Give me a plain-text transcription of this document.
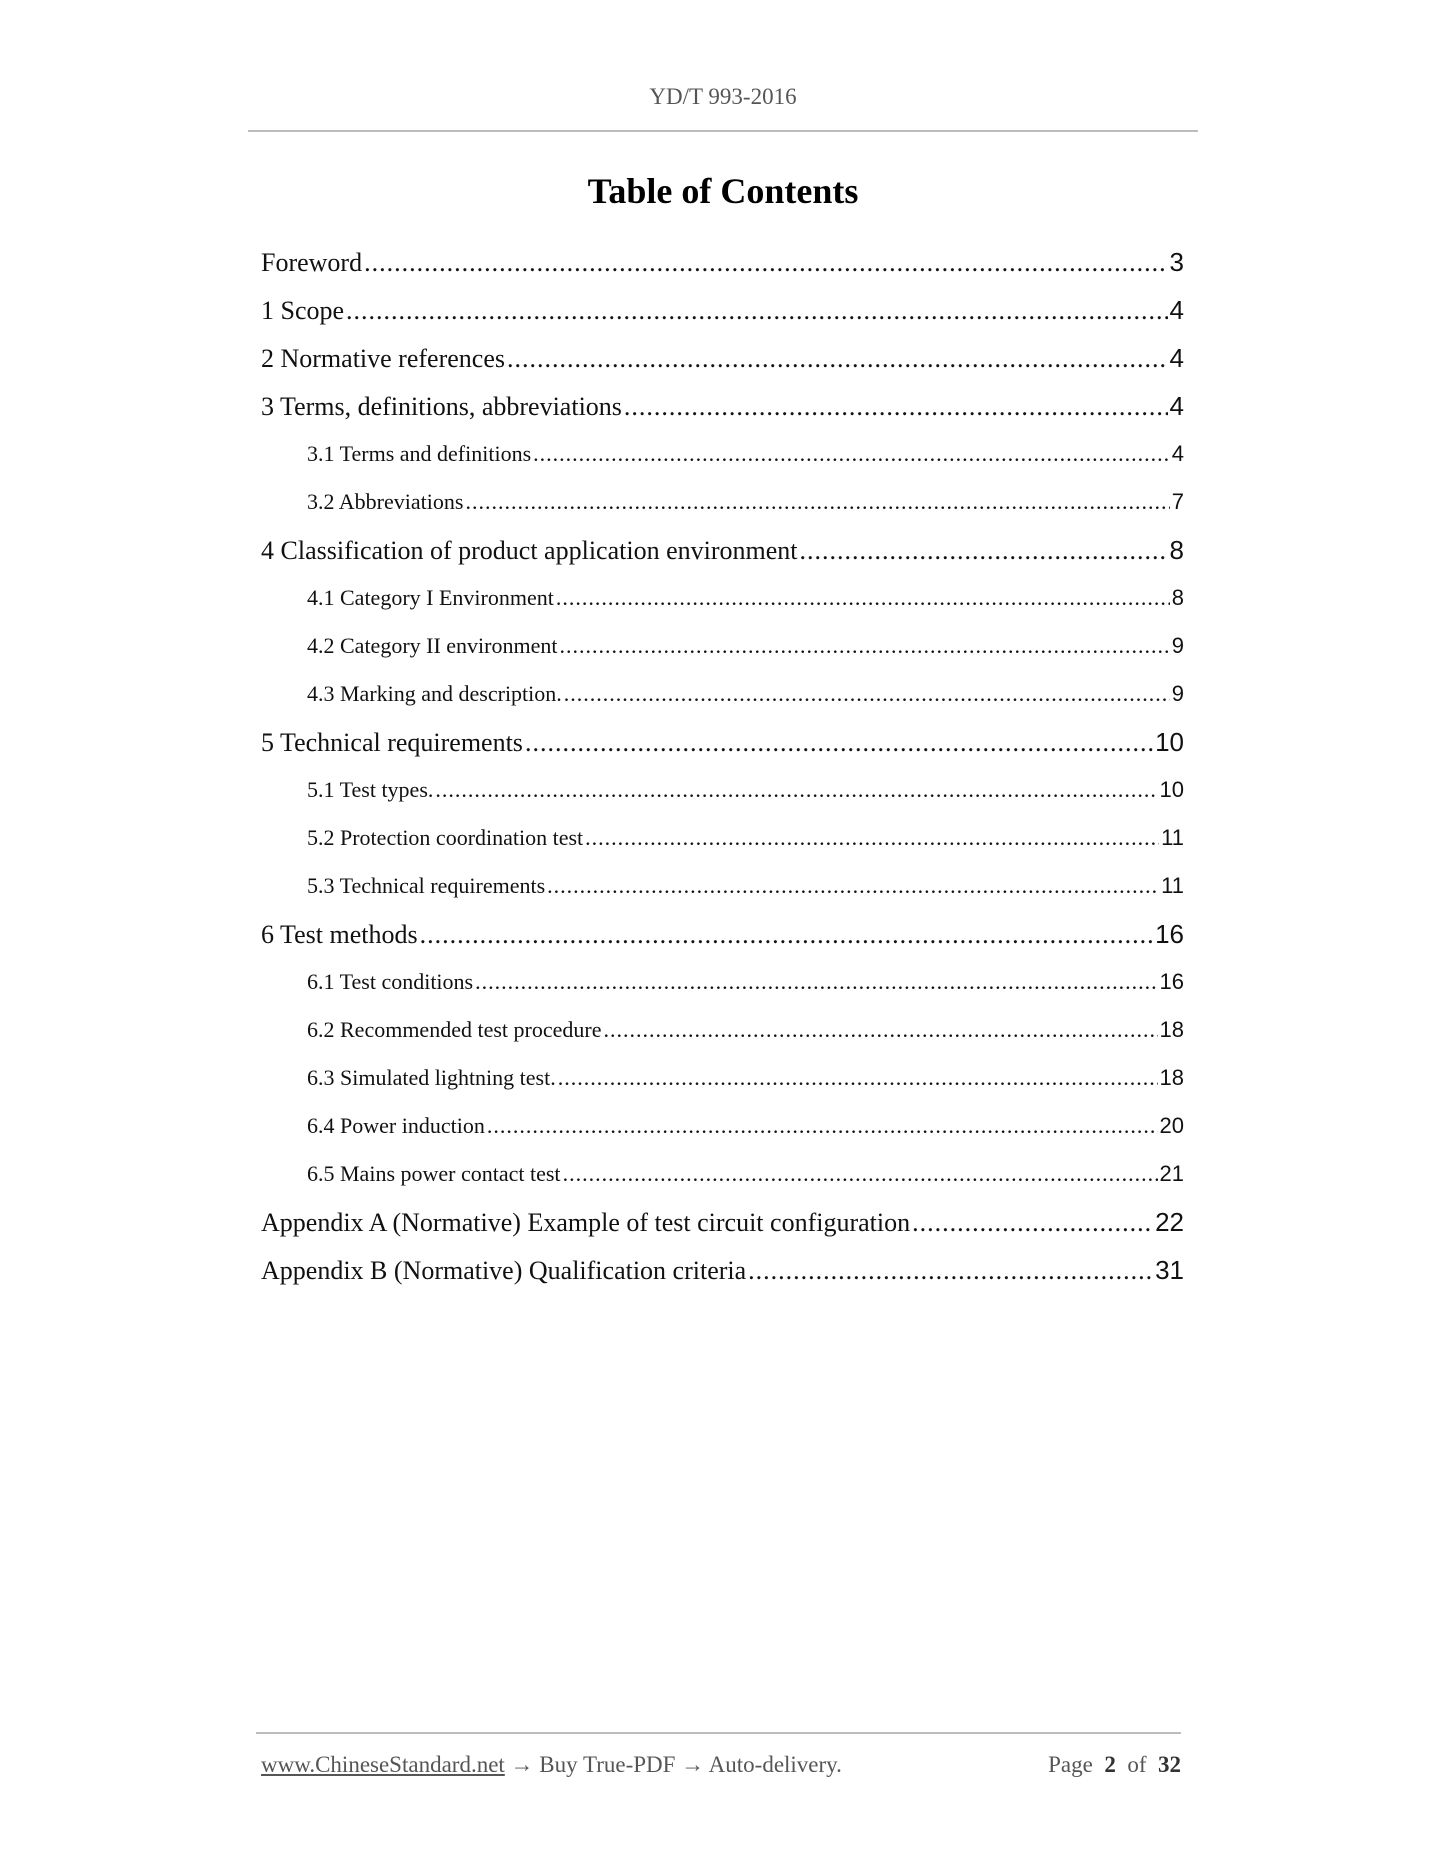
YD/T 993-2016
Table of Contents
Foreword .....	3
1 Scope .....	4
2 Normative references .....	4
3 Terms, definitions, abbreviations .....	4
3.1 Terms and definitions .....	4
3.2 Abbreviations .....	7
4 Classification of product application environment .....	8
4.1 Category I Environment .....	8
4.2 Category II environment .....	9
4.3 Marking and description. .....	9
5 Technical requirements .....	10
5.1 Test types. .....	10
5.2 Protection coordination test .....	11
5.3 Technical requirements .....	11
6 Test methods .....	16
6.1 Test conditions .....	16
6.2 Recommended test procedure .....	18
6.3 Simulated lightning test. .....	18
6.4 Power induction .....	20
6.5 Mains power contact test .....	21
Appendix A (Normative) Example of test circuit configuration .....	22
Appendix B (Normative) Qualification criteria .....	31
www.ChineseStandard.net → Buy True-PDF → Auto-delivery.	Page 2 of 32
